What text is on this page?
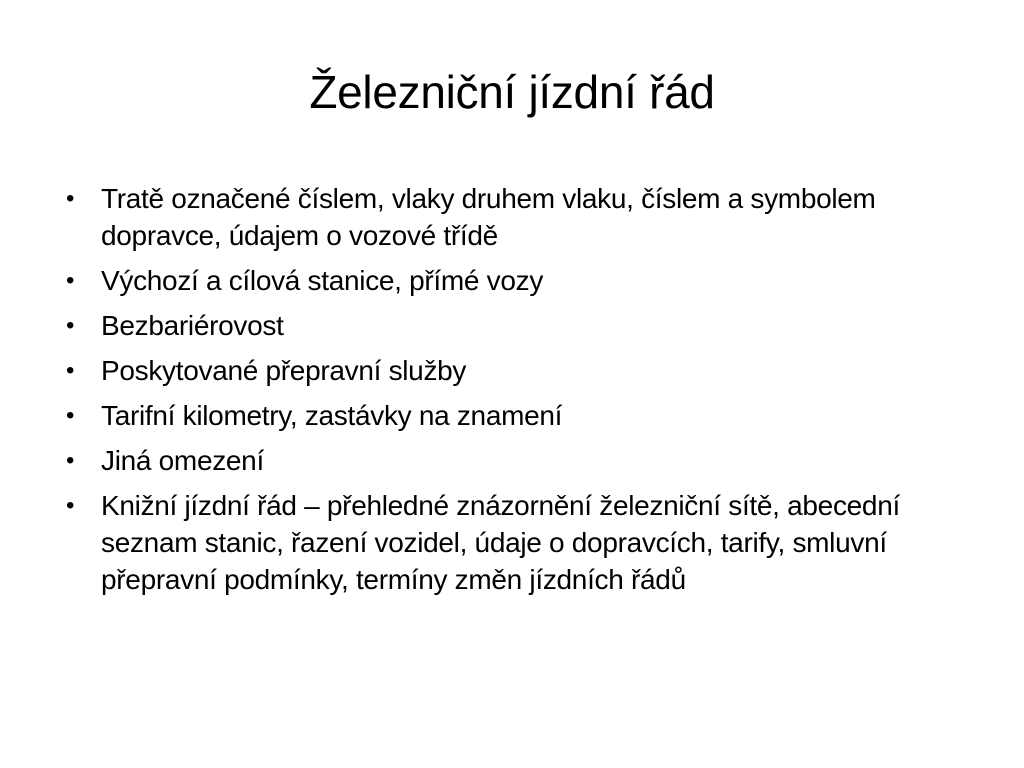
Železniční jízdní řád
• Tratě označené číslem, vlaky druhem vlaku, číslem a symbolem dopravce, údajem o vozové třídě
• Výchozí a cílová stanice, přímé vozy
• Bezbariérovost
• Poskytované přepravní služby
• Tarifní kilometry, zastávky na znamení
• Jiná omezení
• Knižní jízdní řád – přehledné znázornění železniční sítě, abecední seznam stanic, řazení vozidel, údaje o dopravcích, tarify, smluvní přepravní podmínky, termíny změn jízdních řádů
